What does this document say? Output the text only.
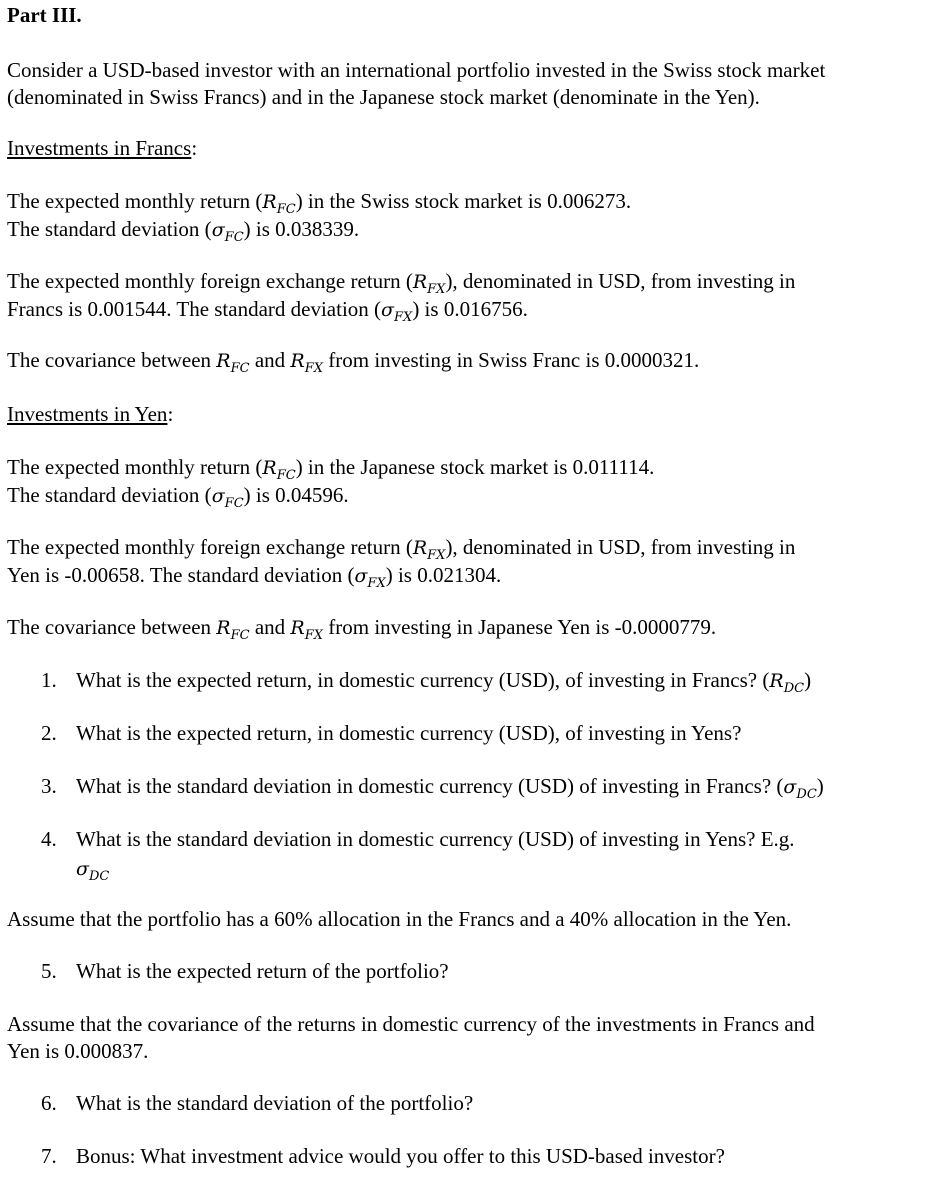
Part III.

Consider a USD-based investor with an international portfolio invested in the Swiss stock market
(denominated in Swiss Francs) and in the Japanese stock market (denominate in the Yen).

Investments in Francs:

The expected monthly return $(R_{FC})$ in the Swiss stock market is 0.006273.
The standard deviation $(\sigma_{FC})$ is 0.038339.

The expected monthly foreign exchange return $(R_{FX})$, denominated in USD, from investing in
Francs is 0.001544. The standard deviation $(\sigma_{FX})$ is 0.016756.

The covariance between $R_{FC}$ and $R_{FX}$ from investing in Swiss Franc is 0.0000321.

Investments in Yen:

The expected monthly return $(R_{FC})$ in the Japanese stock market is 0.011114.
The standard deviation $(\sigma_{FC})$ is 0.04596.

The expected monthly foreign exchange return $(R_{FX})$, denominated in USD, from investing in
Yen is -0.00658. The standard deviation $(\sigma_{FX})$ is 0.021304.

The covariance between $R_{FC}$ and $R_{FX}$ from investing in Japanese Yen is -0.0000779.

1. What is the expected return, in domestic currency (USD), of investing in Francs? $(R_{DC})$
2. What is the expected return, in domestic currency (USD), of investing in Yens?
3. What is the standard deviation in domestic currency (USD) of investing in Francs? $(\sigma_{DC})$
4. What is the standard deviation in domestic currency (USD) of investing in Yens? E.g.
$\sigma_{DC}$

Assume that the portfolio has a 60% allocation in the Francs and a 40% allocation in the Yen.

5. What is the expected return of the portfolio?

Assume that the covariance of the returns in domestic currency of the investments in Francs and
Yen is 0.000837.

6. What is the standard deviation of the portfolio?
7. Bonus: What investment advice would you offer to this USD-based investor?
